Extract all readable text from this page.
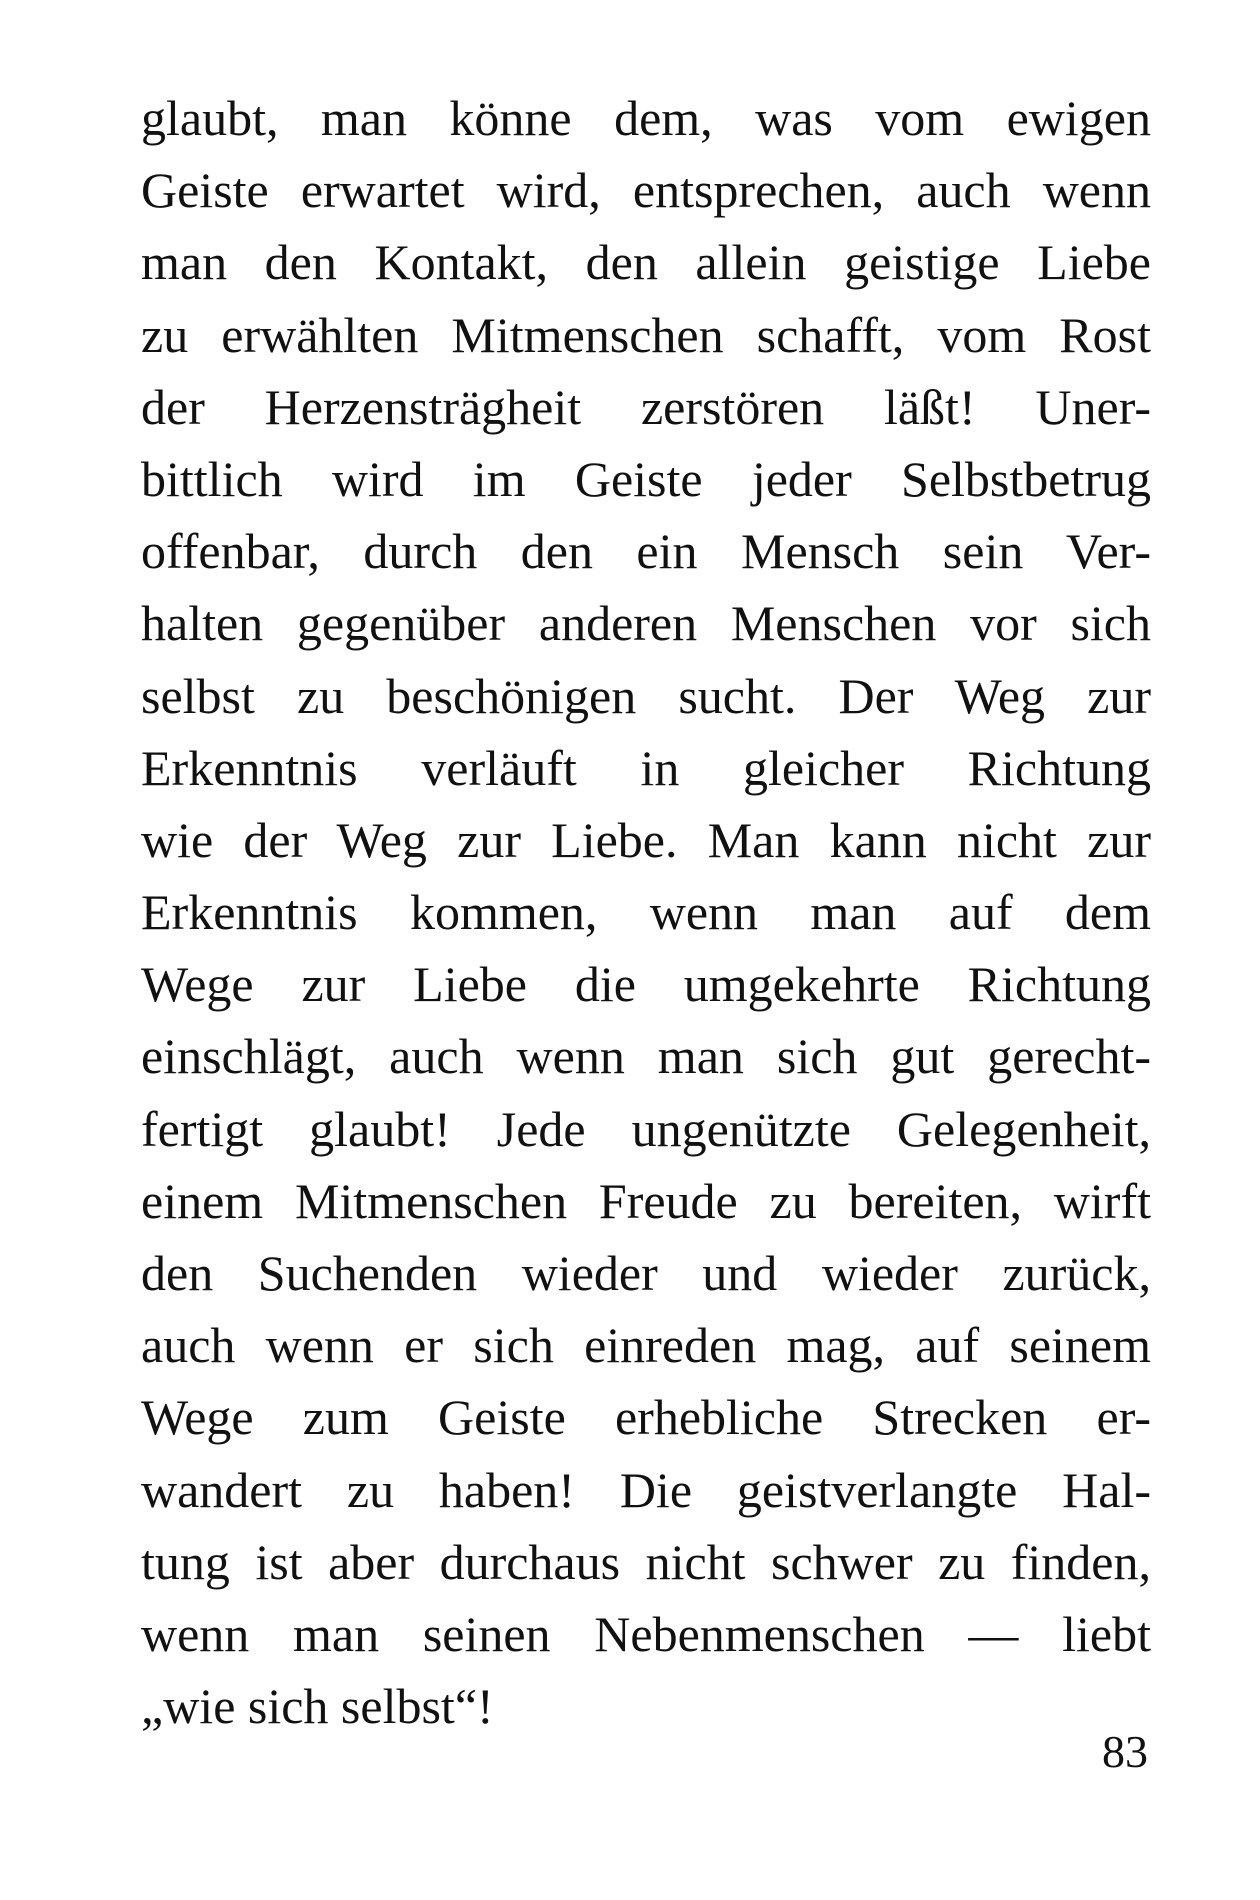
glaubt, man könne dem, was vom ewigen
Geiste erwartet wird, entsprechen, auch wenn
man den Kontakt, den allein geistige Liebe
zu erwählten Mitmenschen schafft, vom Rost
der Herzensträgheit zerstören läßt! Uner-
bittlich wird im Geiste jeder Selbstbetrug
offenbar, durch den ein Mensch sein Ver-
halten gegenüber anderen Menschen vor sich
selbst zu beschönigen sucht. Der Weg zur
Erkenntnis verläuft in gleicher Richtung
wie der Weg zur Liebe. Man kann nicht zur
Erkenntnis kommen, wenn man auf dem
Wege zur Liebe die umgekehrte Richtung
einschlägt, auch wenn man sich gut gerecht-
fertigt glaubt! Jede ungenützte Gelegenheit,
einem Mitmenschen Freude zu bereiten, wirft
den Suchenden wieder und wieder zurück,
auch wenn er sich einreden mag, auf seinem
Wege zum Geiste erhebliche Strecken er-
wandert zu haben! Die geistverlangte Hal-
tung ist aber durchaus nicht schwer zu finden,
wenn man seinen Nebenmenschen — liebt
„wie sich selbst“!
83
